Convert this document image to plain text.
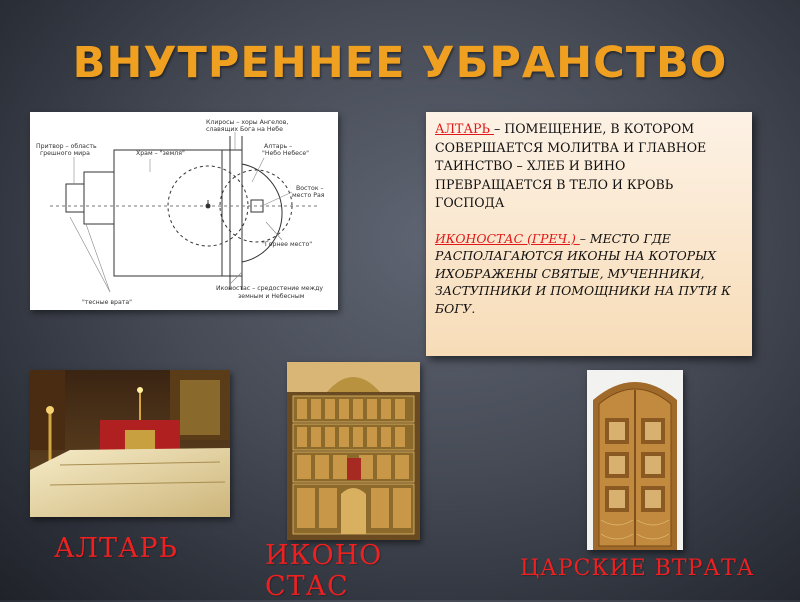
ВНУТРЕННЕЕ УБРАНСТВО
Клиросы – хоры Ангелов,
славящих Бога на Небе
Притвор – область
грешного мира	Храм – "земля"
Алтарь –
"Небо Небесе"
Восток –
место Рая
"Горнее место"
Иконостас – средостение между
земным и Небесным
"тесные врата"

АЛТАРЬ – ПОМЕЩЕНИЕ, В КОТОРОМ СОВЕРШАЕТСЯ МОЛИТВА И ГЛАВНОЕ ТАИНСТВО – ХЛЕБ И ВИНО ПРЕВРАЩАЕТСЯ В ТЕЛО И КРОВЬ ГОСПОДА

ИКОНОСТАС (ГРЕЧ.) – МЕСТО ГДЕ РАСПОЛАГАЮТСЯ ИКОНЫ НА КОТОРЫХ ИХОБРАЖЕНЫ СВЯТЫЕ, МУЧЕННИКИ, ЗАСТУПНИКИ И ПОМОЩНИКИ НА ПУТИ К БОГУ.

АЛТАРЬ	ИКОНОСТАС
ЦАРСКИЕ ВТРАТА
